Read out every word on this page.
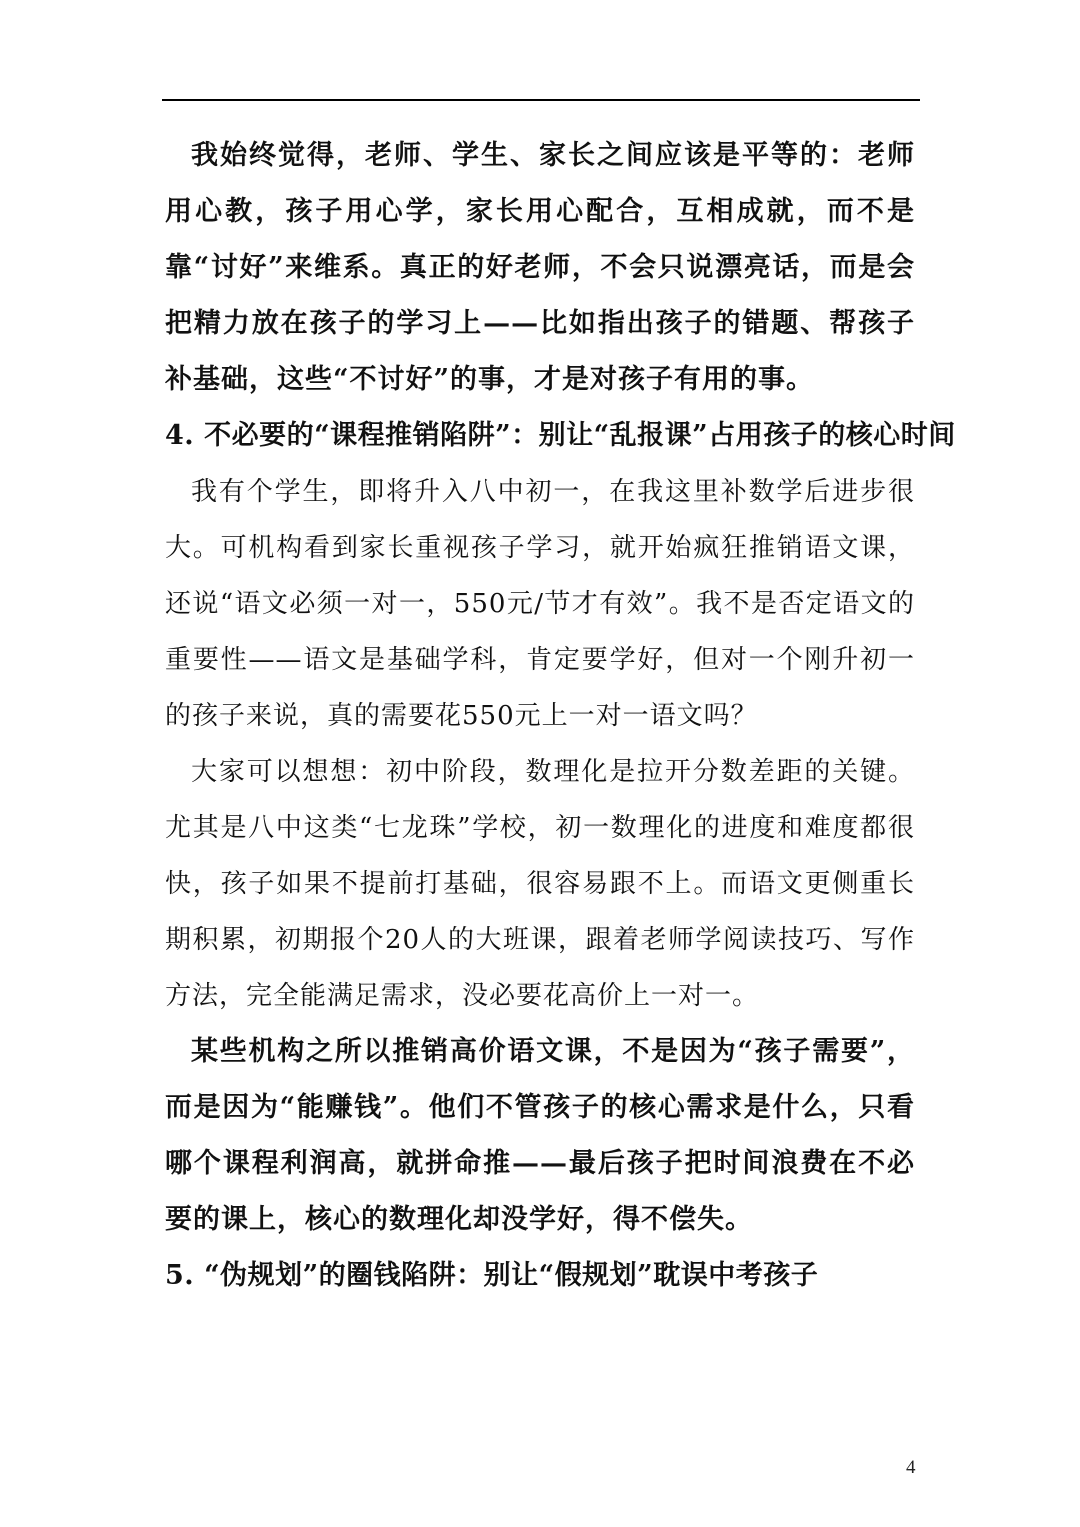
我始终觉得，老师、学生、家长之间应该是平等的：老师用心教，孩子用心学，家长用心配合，互相成就，而不是靠“讨好”来维系。真正的好老师，不会只说漂亮话，而是会把精力放在孩子的学习上——比如指出孩子的错题、帮孩子补基础，这些“不讨好”的事，才是对孩子有用的事。

4. 不必要的“课程推销陷阱”：别让“乱报课”占用孩子的核心时间

我有个学生，即将升入八中初一，在我这里补数学后进步很大。可机构看到家长重视孩子学习，就开始疯狂推销语文课，还说“语文必须一对一，550元/节才有效”。我不是否定语文的重要性——语文是基础学科，肯定要学好，但对一个刚升初一的孩子来说，真的需要花550元上一对一语文吗？

大家可以想想：初中阶段，数理化是拉开分数差距的关键。尤其是八中这类“七龙珠”学校，初一数理化的进度和难度都很快，孩子如果不提前打基础，很容易跟不上。而语文更侧重长期积累，初期报个20人的大班课，跟着老师学阅读技巧、写作方法，完全能满足需求，没必要花高价上一对一。

某些机构之所以推销高价语文课，不是因为“孩子需要”，而是因为“能赚钱”。他们不管孩子的核心需求是什么，只看哪个课程利润高，就拼命推——最后孩子把时间浪费在不必要的课上，核心的数理化却没学好，得不偿失。

5. “伪规划”的圈钱陷阱：别让“假规划”耽误中考孩子

4
